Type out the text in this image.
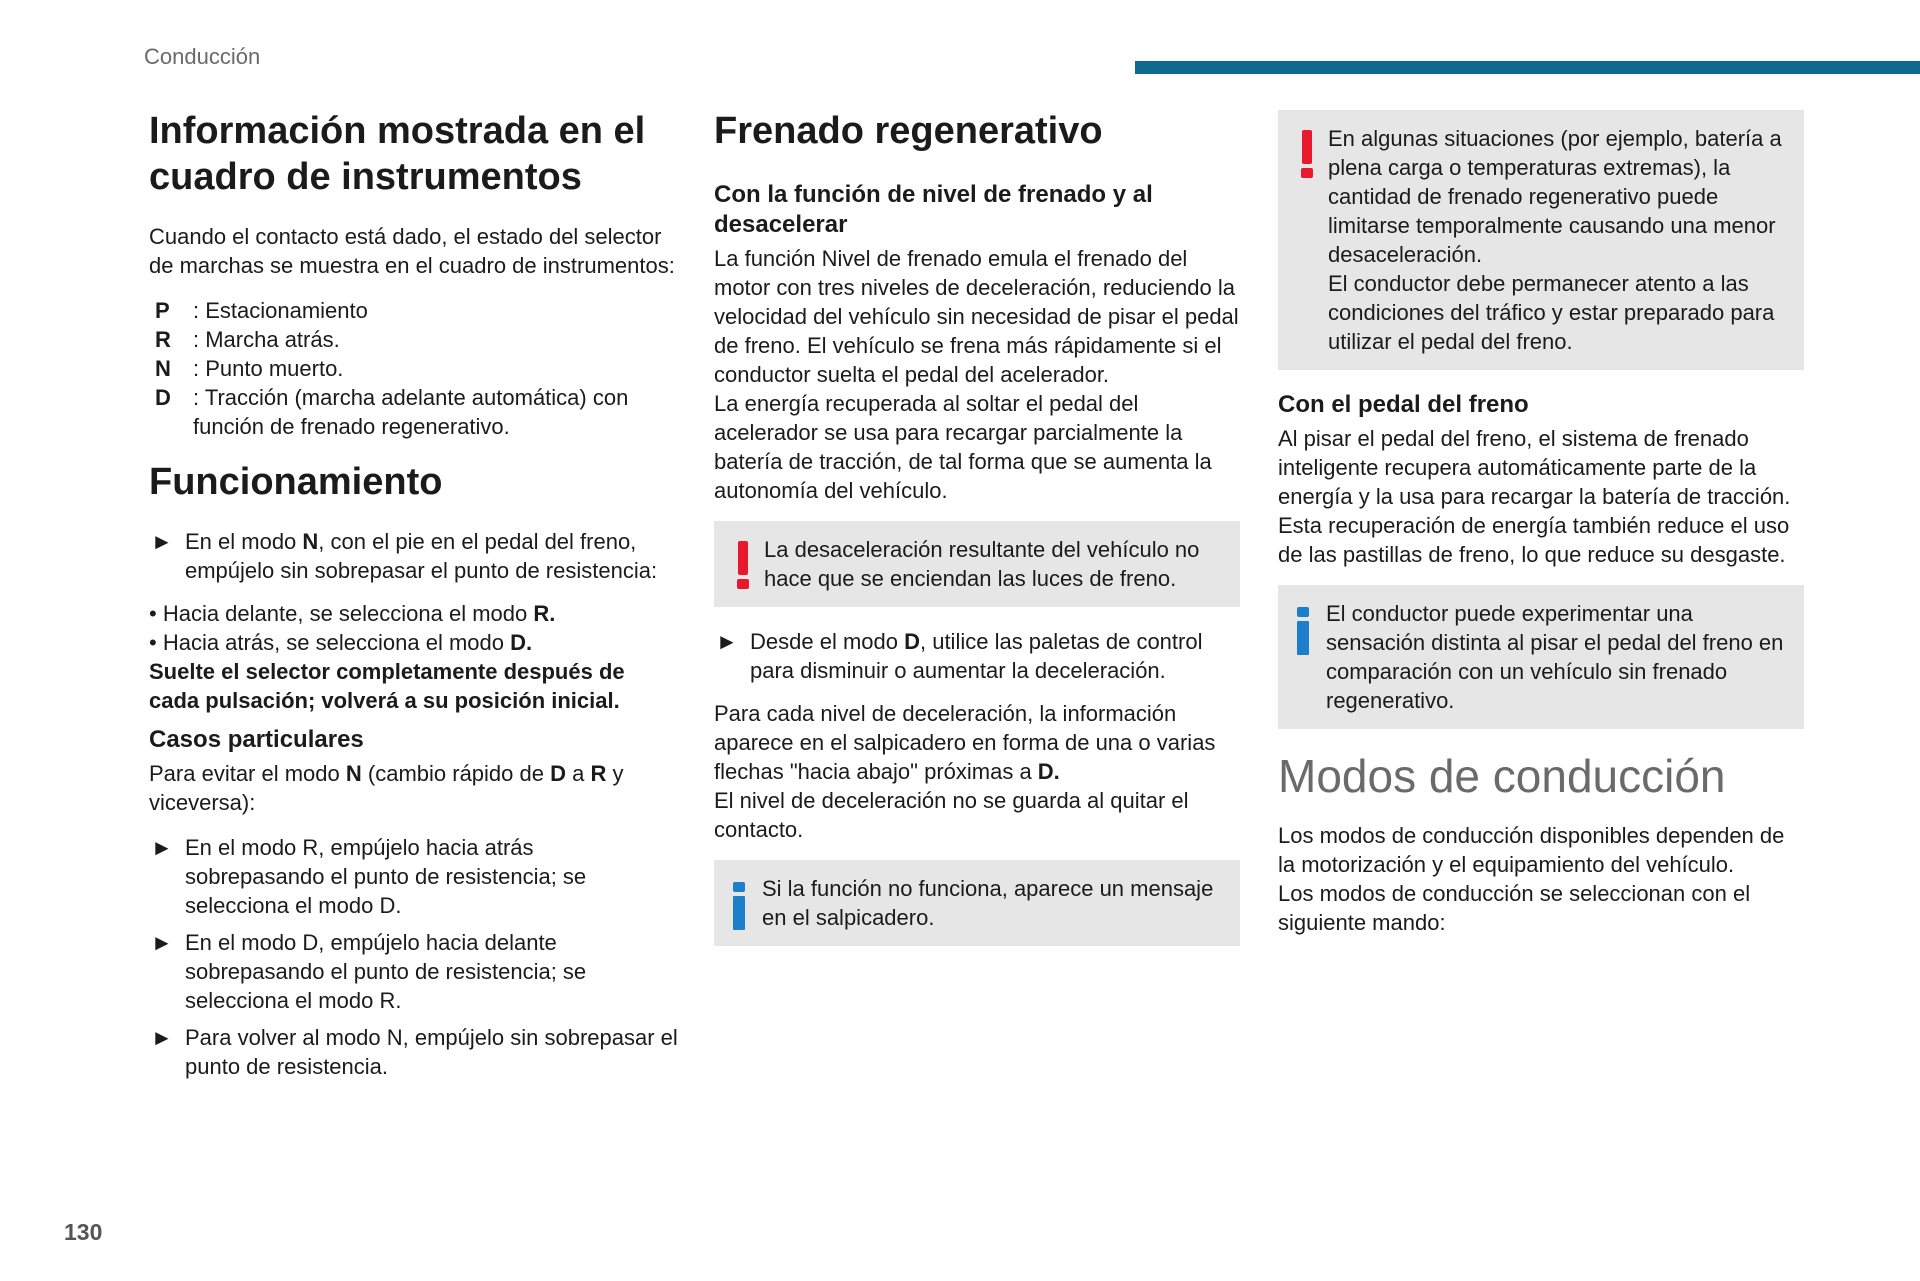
Conducción
Información mostrada en el cuadro de instrumentos

Cuando el contacto está dado, el estado del selector de marchas se muestra en el cuadro de instrumentos:

P	: Estacionamiento
R	: Marcha atrás.
N	: Punto muerto.
D	: Tracción (marcha adelante automática) con función de frenado regenerativo.
Funcionamiento
► En el modo N, con el pie en el pedal del freno, empújelo sin sobrepasar el punto de resistencia:
• Hacia delante, se selecciona el modo R.
• Hacia atrás, se selecciona el modo D.
Suelte el selector completamente después de cada pulsación; volverá a su posición inicial.
Casos particulares

Para evitar el modo N (cambio rápido de D a R y viceversa):

► En el modo R, empújelo hacia atrás sobrepasando el punto de resistencia; se selecciona el modo D.
► En el modo D, empújelo hacia delante sobrepasando el punto de resistencia; se selecciona el modo R.
► Para volver al modo N, empújelo sin sobrepasar el punto de resistencia.
Frenado regenerativo
Con la función de nivel de frenado y al desacelerar

La función Nivel de frenado emula el frenado del motor con tres niveles de deceleración, reduciendo la velocidad del vehículo sin necesidad de pisar el pedal de freno. El vehículo se frena más rápidamente si el conductor suelta el pedal del acelerador.

La energía recuperada al soltar el pedal del acelerador se usa para recargar parcialmente la batería de tracción, de tal forma que se aumenta la autonomía del vehículo.

La desaceleración resultante del vehículo no hace que se enciendan las luces de freno.
► Desde el modo D, utilice las paletas de control para disminuir o aumentar la deceleración.

Para cada nivel de deceleración, la información aparece en el salpicadero en forma de una o varias flechas "hacia abajo" próximas a D.

El nivel de deceleración no se guarda al quitar el contacto.

Si la función no funciona, aparece un mensaje en el salpicadero.
En algunas situaciones (por ejemplo, batería a plena carga o temperaturas extremas), la cantidad de frenado regenerativo puede limitarse temporalmente causando una menor desaceleración.
El conductor debe permanecer atento a las condiciones del tráfico y estar preparado para utilizar el pedal del freno.
Con el pedal del freno

Al pisar el pedal del freno, el sistema de frenado inteligente recupera automáticamente parte de la energía y la usa para recargar la batería de tracción.

Esta recuperación de energía también reduce el uso de las pastillas de freno, lo que reduce su desgaste.

El conductor puede experimentar una sensación distinta al pisar el pedal del freno en comparación con un vehículo sin frenado regenerativo.
Modos de conducción

Los modos de conducción disponibles dependen de la motorización y el equipamiento del vehículo.

Los modos de conducción se seleccionan con el siguiente mando:

130
